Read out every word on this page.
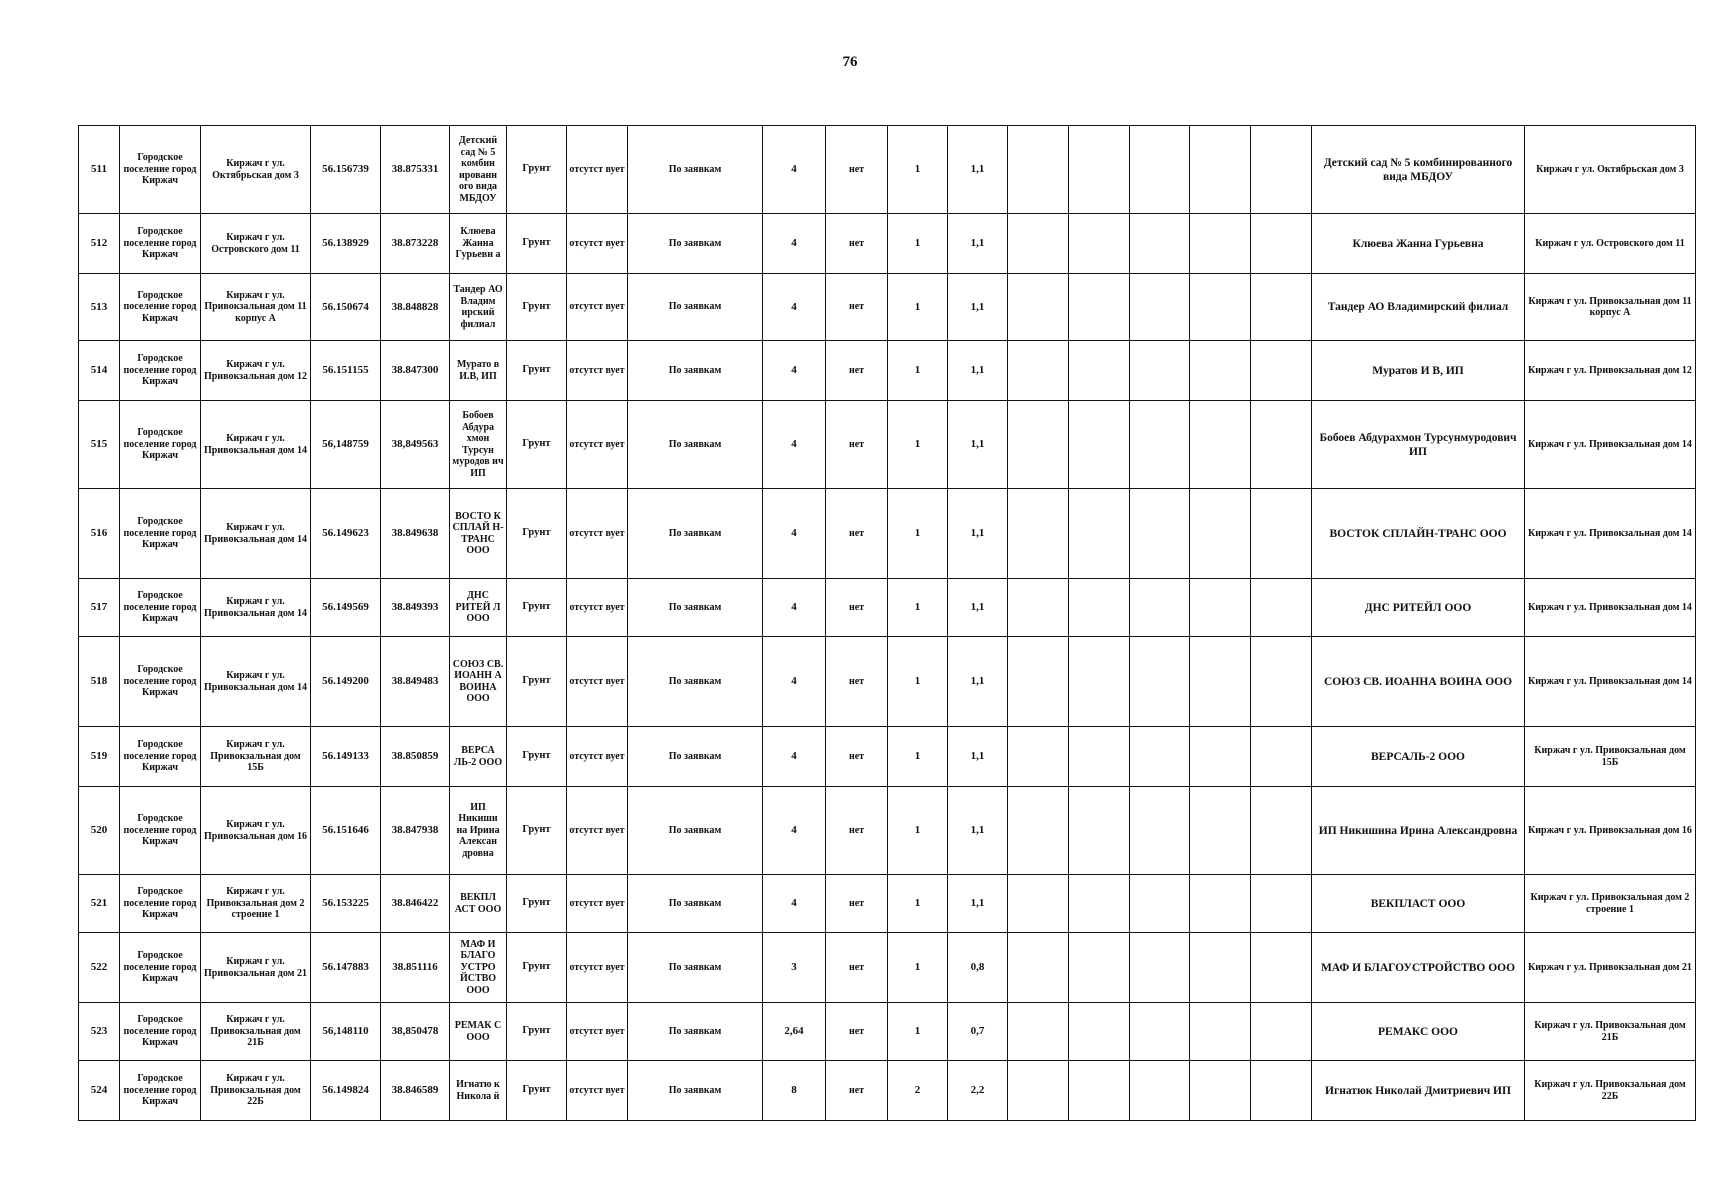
76
511	Городское поселение город Киржач	Киржач г ул. Октябрьская дом 3	56.156739	38.875331	Детский сад № 5 комбин ированн ого вида МБДОУ	Грунт	отсутст вует	По заявкам	4	нет	1	1,1						Детский сад № 5 комбинированного вида МБДОУ	Киржач г ул. Октябрьская дом 3
512	Городское поселение город Киржач	Киржач г ул. Островского дом 11	56.138929	38.873228	Клюева Жанна Гурьевн а	Грунт	отсутст вует	По заявкам	4	нет	1	1,1						Клюева Жанна Гурьевна	Киржач г ул. Островского дом 11
513	Городское поселение город Киржач	Киржач г ул. Привокзальная дом 11 корпус А	56.150674	38.848828	Тандер АО Владим ирский филиал	Грунт	отсутст вует	По заявкам	4	нет	1	1,1						Тандер АО Владимирский филиал	Киржач г ул. Привокзальная дом 11 корпус А
514	Городское поселение город Киржач	Киржач г ул. Привокзальная дом 12	56.151155	38.847300	Мурато в И.В, ИП	Грунт	отсутст вует	По заявкам	4	нет	1	1,1						Муратов И В, ИП	Киржач г ул. Привокзальная дом 12
515	Городское поселение город Киржач	Киржач г ул. Привокзальная дом 14	56,148759	38,849563	Бобоев Абдура хмон Турсун муродов ич ИП	Грунт	отсутст вует	По заявкам	4	нет	1	1,1						Бобоев Абдурахмон Турсунмуродович ИП	Киржач г ул. Привокзальная дом 14
516	Городское поселение город Киржач	Киржач г ул. Привокзальная дом 14	56.149623	38.849638	ВОСТО К СПЛАЙ Н-ТРАНС ООО	Грунт	отсутст вует	По заявкам	4	нет	1	1,1						ВОСТОК СПЛАЙН-ТРАНС ООО	Киржач г ул. Привокзальная дом 14
517	Городское поселение город Киржач	Киржач г ул. Привокзальная дом 14	56.149569	38.849393	ДНС РИТЕЙ Л ООО	Грунт	отсутст вует	По заявкам	4	нет	1	1,1						ДНС РИТЕЙЛ ООО	Киржач г ул. Привокзальная дом 14
518	Городское поселение город Киржач	Киржач г ул. Привокзальная дом 14	56.149200	38.849483	СОЮЗ СВ. ИОАНН А ВОИНА ООО	Грунт	отсутст вует	По заявкам	4	нет	1	1,1						СОЮЗ СВ. ИОАННА ВОИНА ООО	Киржач г ул. Привокзальная дом 14
519	Городское поселение город Киржач	Киржач г ул. Привокзальная дом 15Б	56.149133	38.850859	ВЕРСА ЛЬ-2 ООО	Грунт	отсутст вует	По заявкам	4	нет	1	1,1						ВЕРСАЛЬ-2 ООО	Киржач г ул. Привокзальная дом 15Б
520	Городское поселение город Киржач	Киржач г ул. Привокзальная дом 16	56.151646	38.847938	ИП Никиши на Ирина Алексан дровна	Грунт	отсутст вует	По заявкам	4	нет	1	1,1						ИП Никишина Ирина Александровна	Киржач г ул. Привокзальная дом 16
521	Городское поселение город Киржач	Киржач г ул. Привокзальная дом 2 строение 1	56.153225	38.846422	ВЕКПЛ АСТ ООО	Грунт	отсутст вует	По заявкам	4	нет	1	1,1						ВЕКПЛАСТ ООО	Киржач г ул. Привокзальная дом 2 строение 1
522	Городское поселение город Киржач	Киржач г ул. Привокзальная дом 21	56.147883	38.851116	МАФ И БЛАГО УСТРО ЙСТВО ООО	Грунт	отсутст вует	По заявкам	3	нет	1	0,8						МАФ И БЛАГОУСТРОЙСТВО ООО	Киржач г ул. Привокзальная дом 21
523	Городское поселение город Киржач	Киржач г ул. Привокзальная дом 21Б	56,148110	38,850478	РЕМАК С ООО	Грунт	отсутст вует	По заявкам	2,64	нет	1	0,7						РЕМАКС ООО	Киржач г ул. Привокзальная дом 21Б
524	Городское поселение город Киржач	Киржач г ул. Привокзальная дом 22Б	56.149824	38.846589	Игнатю к Никола й	Грунт	отсутст вует	По заявкам	8	нет	2	2,2						Игнатюк Николай Дмитриевич ИП	Киржач г ул. Привокзальная дом 22Б
